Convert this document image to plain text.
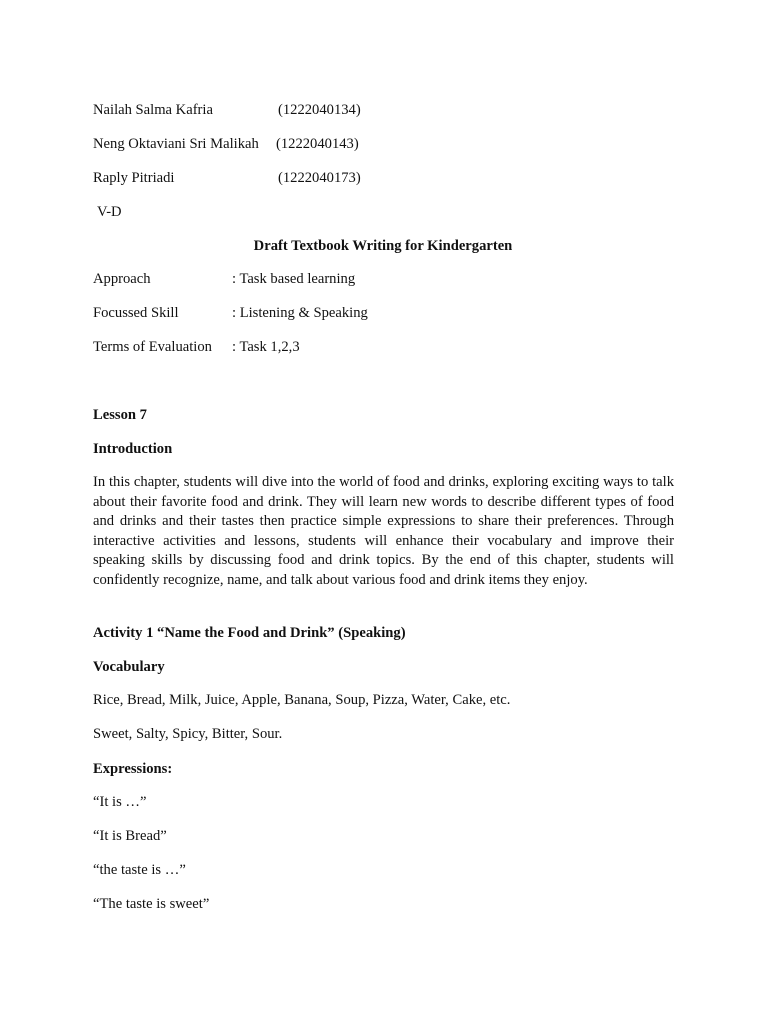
Nailah Salma Kafria	(1222040134)
Neng Oktaviani Sri Malikah (1222040143)
Raply Pitriadi	(1222040173)
V-D
Draft Textbook Writing for Kindergarten
Approach	: Task based learning
Focussed Skill	: Listening & Speaking
Terms of Evaluation : Task 1,2,3
Lesson 7
Introduction
In this chapter, students will dive into the world of food and drinks, exploring exciting ways to talk about their favorite food and drink. They will learn new words to describe different types of food and drinks and their tastes then practice simple expressions to share their preferences. Through interactive activities and lessons, students will enhance their vocabulary and improve their speaking skills by discussing food and drink topics. By the end of this chapter, students will confidently recognize, name, and talk about various food and drink items they enjoy.
Activity 1 “Name the Food and Drink” (Speaking)
Vocabulary
Rice, Bread, Milk, Juice, Apple, Banana, Soup, Pizza, Water, Cake, etc.
Sweet, Salty, Spicy, Bitter, Sour.
Expressions:
“It is …”
“It is Bread”
“the taste is …”
“The taste is sweet”
